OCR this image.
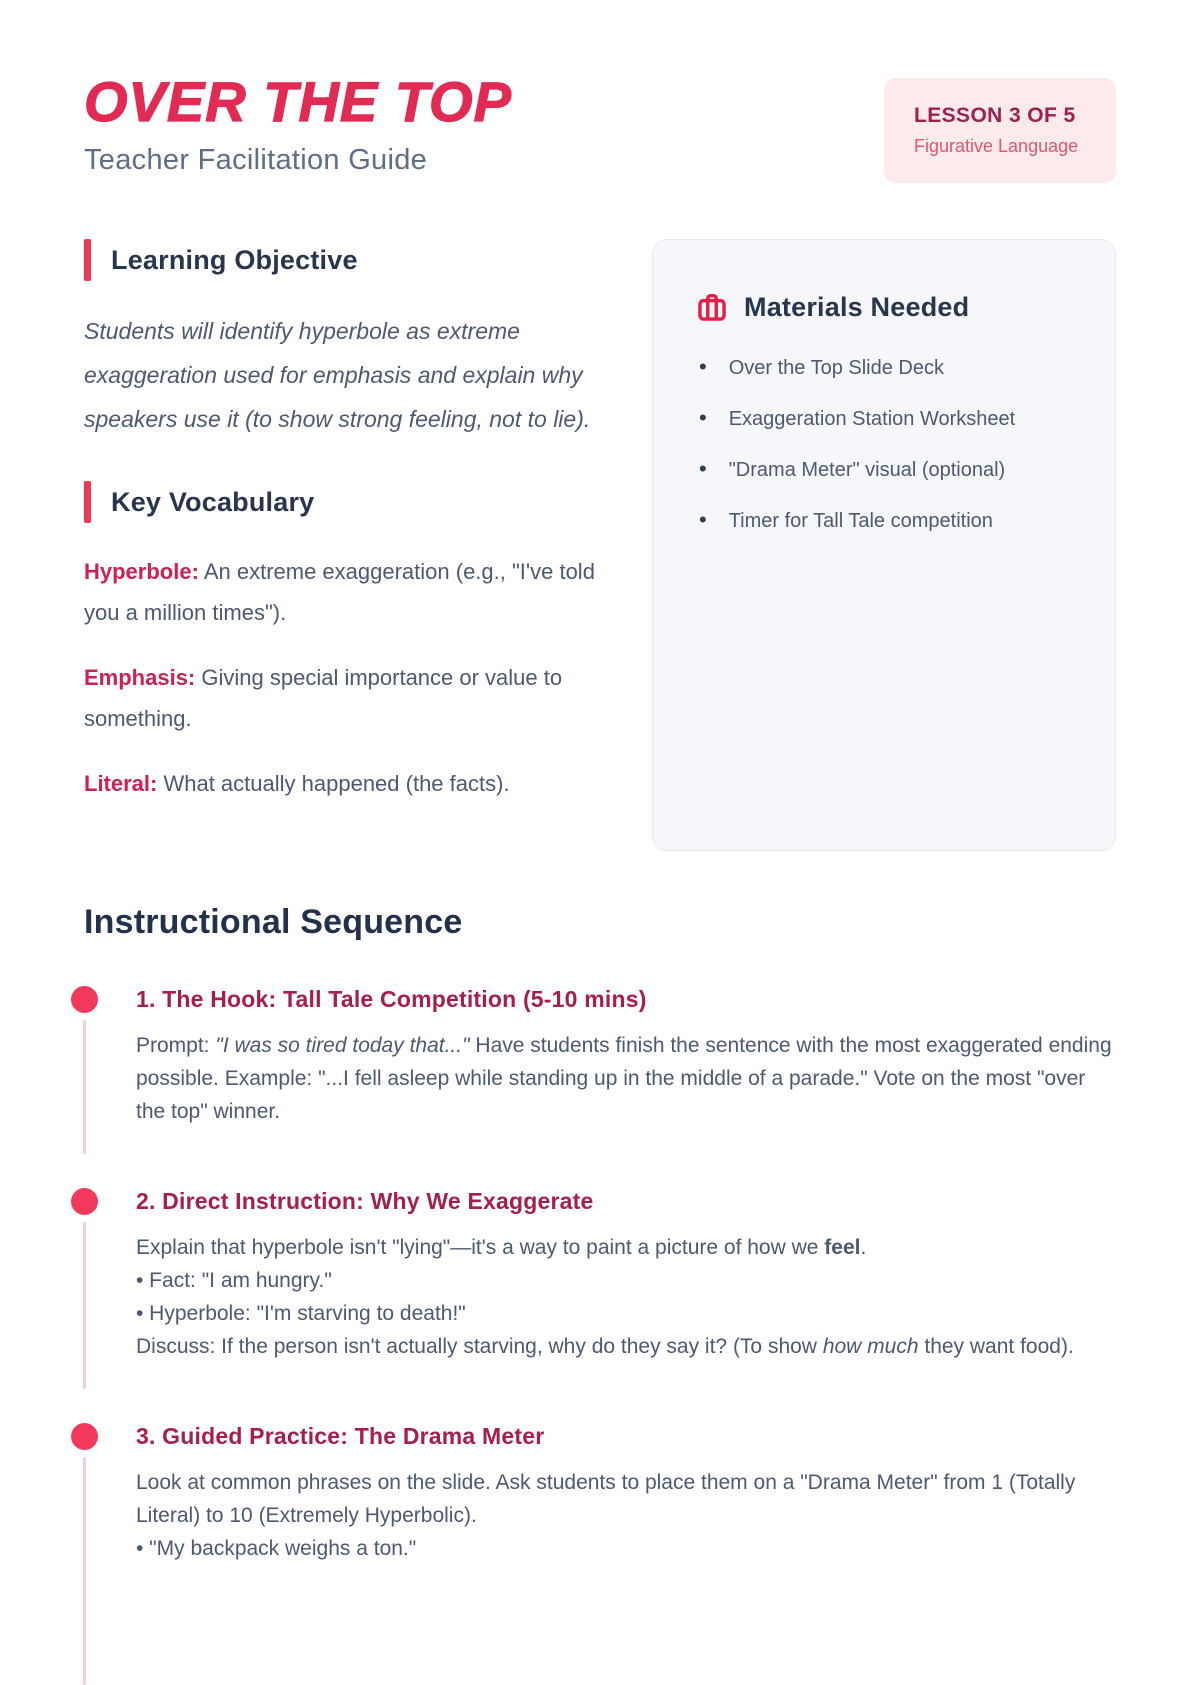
OVER THE TOP
Teacher Facilitation Guide
LESSON 3 OF 5
Figurative Language
Learning Objective

Students will identify hyperbole as extreme exaggeration used for emphasis and explain why speakers use it (to show strong feeling, not to lie).

Key Vocabulary

Hyperbole: An extreme exaggeration (e.g., "I've told you a million times").

Emphasis: Giving special importance or value to something.

Literal: What actually happened (the facts).

Materials Needed
• Over the Top Slide Deck
• Exaggeration Station Worksheet
• "Drama Meter" visual (optional)
• Timer for Tall Tale competition
Instructional Sequence
1. The Hook: Tall Tale Competition (5-10 mins)

Prompt: "I was so tired today that..." Have students finish the sentence with the most exaggerated ending possible. Example: "...I fell asleep while standing up in the middle of a parade." Vote on the most "over the top" winner.

2. Direct Instruction: Why We Exaggerate

Explain that hyperbole isn't "lying"—it's a way to paint a picture of how we feel.

• Fact: "I am hungry."

• Hyperbole: "I'm starving to death!"

Discuss: If the person isn't actually starving, why do they say it? (To show how much they want food).

3. Guided Practice: The Drama Meter

Look at common phrases on the slide. Ask students to place them on a "Drama Meter" from 1 (Totally Literal) to 10 (Extremely Hyperbolic).

• "My backpack weighs a ton."
